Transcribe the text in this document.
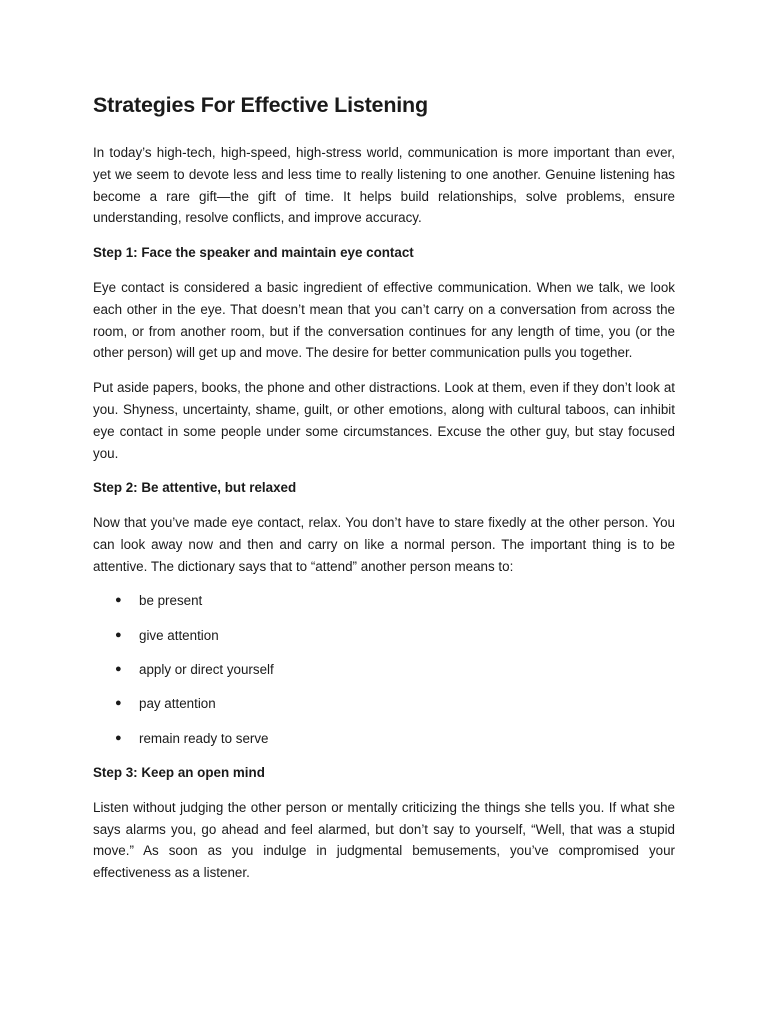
Strategies For Effective Listening

In today’s high-tech, high-speed, high-stress world, communication is more important than ever, yet we seem to devote less and less time to really listening to one another. Genuine listening has become a rare gift—the gift of time. It helps build relationships, solve problems, ensure understanding, resolve conflicts, and improve accuracy.

Step 1: Face the speaker and maintain eye contact

Eye contact is considered a basic ingredient of effective communication. When we talk, we look each other in the eye. That doesn’t mean that you can’t carry on a conversation from across the room, or from another room, but if the conversation continues for any length of time, you (or the other person) will get up and move. The desire for better communication pulls you together.

Put aside papers, books, the phone and other distractions. Look at them, even if they don’t look at you. Shyness, uncertainty, shame, guilt, or other emotions, along with cultural taboos, can inhibit eye contact in some people under some circumstances. Excuse the other guy, but stay focused you.

Step 2: Be attentive, but relaxed

Now that you’ve made eye contact, relax. You don’t have to stare fixedly at the other person. You can look away now and then and carry on like a normal person. The important thing is to be attentive. The dictionary says that to “attend” another person means to:

● be present
● give attention
● apply or direct yourself
● pay attention
● remain ready to serve

Step 3: Keep an open mind

Listen without judging the other person or mentally criticizing the things she tells you. If what she says alarms you, go ahead and feel alarmed, but don’t say to yourself, “Well, that was a stupid move.” As soon as you indulge in judgmental bemusements, you’ve compromised your effectiveness as a listener.
